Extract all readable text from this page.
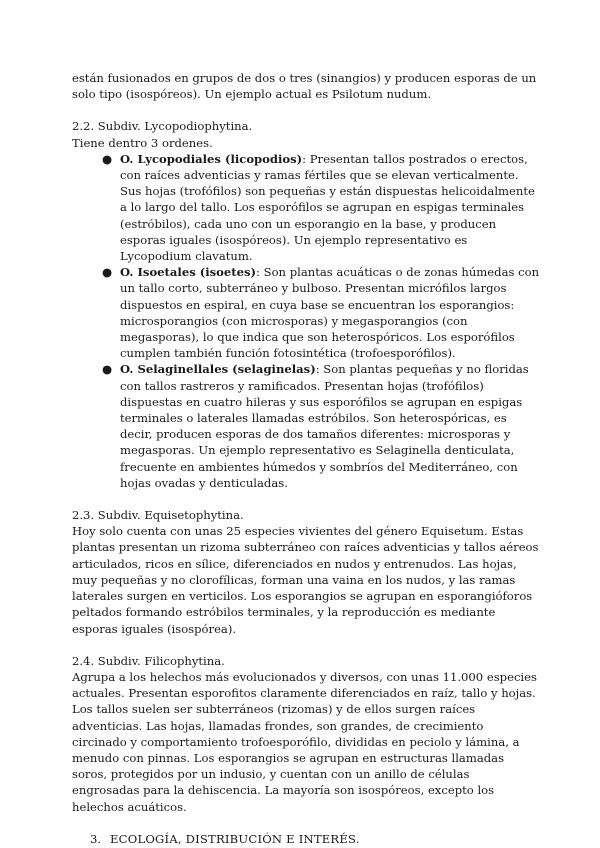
están fusionados en grupos de dos o tres (sinangios) y producen esporas de un solo tipo (isospóreos). Un ejemplo actual es Psilotum nudum.

2.2. Subdiv. Lycopodiophytina.

Tiene dentro 3 ordenes.

● O. Lycopodiales (licopodios): Presentan tallos postrados o erectos, con raíces adventicias y ramas fértiles que se elevan verticalmente. Sus hojas (trofófilos) son pequeñas y están dispuestas helicoidalmente a lo largo del tallo. Los esporófilos se agrupan en espigas terminales (estróbilos), cada uno con un esporangio en la base, y producen esporas iguales (isospóreos). Un ejemplo representativo es Lycopodium clavatum.
● O. Isoetales (isoetes): Son plantas acuáticas o de zonas húmedas con un tallo corto, subterráneo y bulboso. Presentan micrófilos largos dispuestos en espiral, en cuya base se encuentran los esporangios: microsporangios (con microsporas) y megasporangios (con megasporas), lo que indica que son heterospóricos. Los esporófilos cumplen también función fotosintética (trofoesporófilos).
● O. Selaginellales (selaginelas): Son plantas pequeñas y no floridas con tallos rastreros y ramificados. Presentan hojas (trofófilos) dispuestas en cuatro hileras y sus esporófilos se agrupan en espigas terminales o laterales llamadas estróbilos. Son heterospóricas, es decir, producen esporas de dos tamaños diferentes: microsporas y megasporas. Un ejemplo representativo es Selaginella denticulata, frecuente en ambientes húmedos y sombríos del Mediterráneo, con hojas ovadas y denticuladas.

2.3. Subdiv. Equisetophytina.

Hoy solo cuenta con unas 25 especies vivientes del género Equisetum. Estas plantas presentan un rizoma subterráneo con raíces adventicias y tallos aéreos articulados, ricos en sílice, diferenciados en nudos y entrenudos. Las hojas, muy pequeñas y no clorofílicas, forman una vaina en los nudos, y las ramas laterales surgen en verticilos. Los esporangios se agrupan en esporangióforos peltados formando estróbilos terminales, y la reproducción es mediante esporas iguales (isospórea).

2.4. Subdiv. Filicophytina.

Agrupa a los helechos más evolucionados y diversos, con unas 11.000 especies actuales. Presentan esporofitos claramente diferenciados en raíz, tallo y hojas. Los tallos suelen ser subterráneos (rizomas) y de ellos surgen raíces adventicias. Las hojas, llamadas frondes, son grandes, de crecimiento circinado y comportamiento trofoesporófilo, divididas en peciolo y lámina, a menudo con pinnas. Los esporangios se agrupan en estructuras llamadas soros, protegidos por un indusio, y cuentan con un anillo de células engrosadas para la dehiscencia. La mayoría son isospóreos, excepto los helechos acuáticos.

3. ECOLOGÍA, DISTRIBUCIÓN E INTERÉS.
